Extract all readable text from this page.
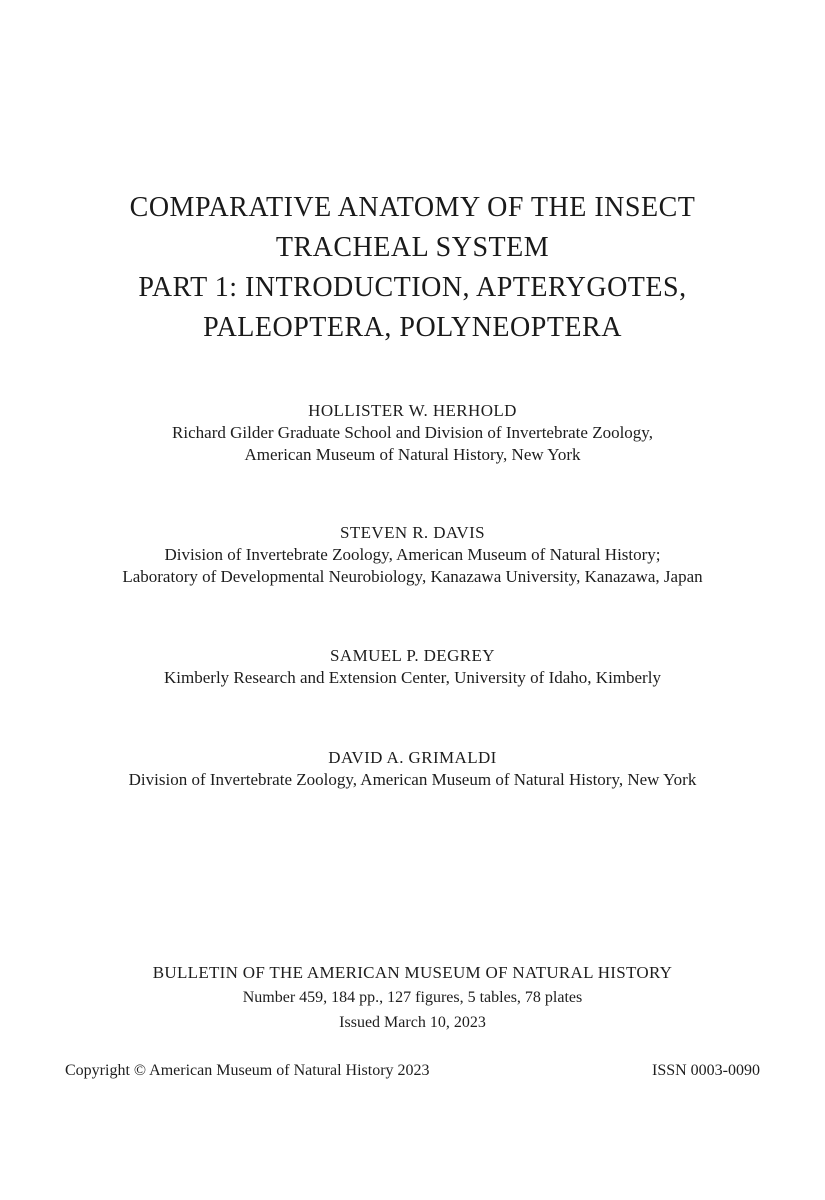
COMPARATIVE ANATOMY OF THE INSECT
TRACHEAL SYSTEM
PART 1: INTRODUCTION, APTERYGOTES,
PALEOPTERA, POLYNEOPTERA
HOLLISTER W. HERHOLD
Richard Gilder Graduate School and Division of Invertebrate Zoology,
American Museum of Natural History, New York
STEVEN R. DAVIS
Division of Invertebrate Zoology, American Museum of Natural History;
Laboratory of Developmental Neurobiology, Kanazawa University, Kanazawa, Japan
SAMUEL P. DEGREY
Kimberly Research and Extension Center, University of Idaho, Kimberly
DAVID A. GRIMALDI
Division of Invertebrate Zoology, American Museum of Natural History, New York
BULLETIN OF THE AMERICAN MUSEUM OF NATURAL HISTORY
Number 459, 184 pp., 127 figures, 5 tables, 78 plates
Issued March 10, 2023
Copyright © American Museum of Natural History 2023	ISSN 0003-0090
